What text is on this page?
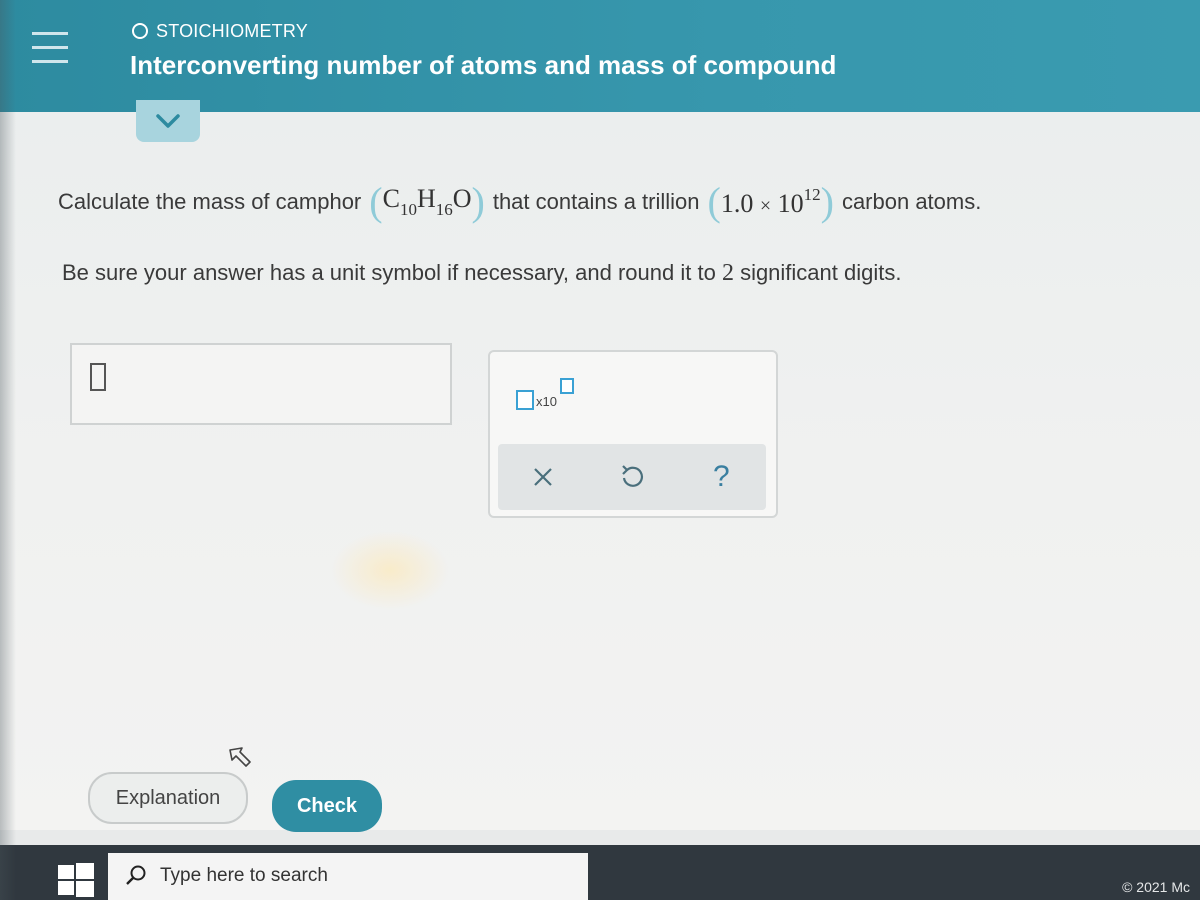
STOICHIOMETRY
Interconverting number of atoms and mass of compound
Calculate the mass of camphor ( $C_{10}H_{16}O$ ) that contains a trillion ( $1.0 \times 10^{12}$ ) carbon atoms.
Be sure your answer has a unit symbol if necessary, and round it to 2 significant digits.
x10
?
Explanation	Check
Type here to search
© 2021 Mc
